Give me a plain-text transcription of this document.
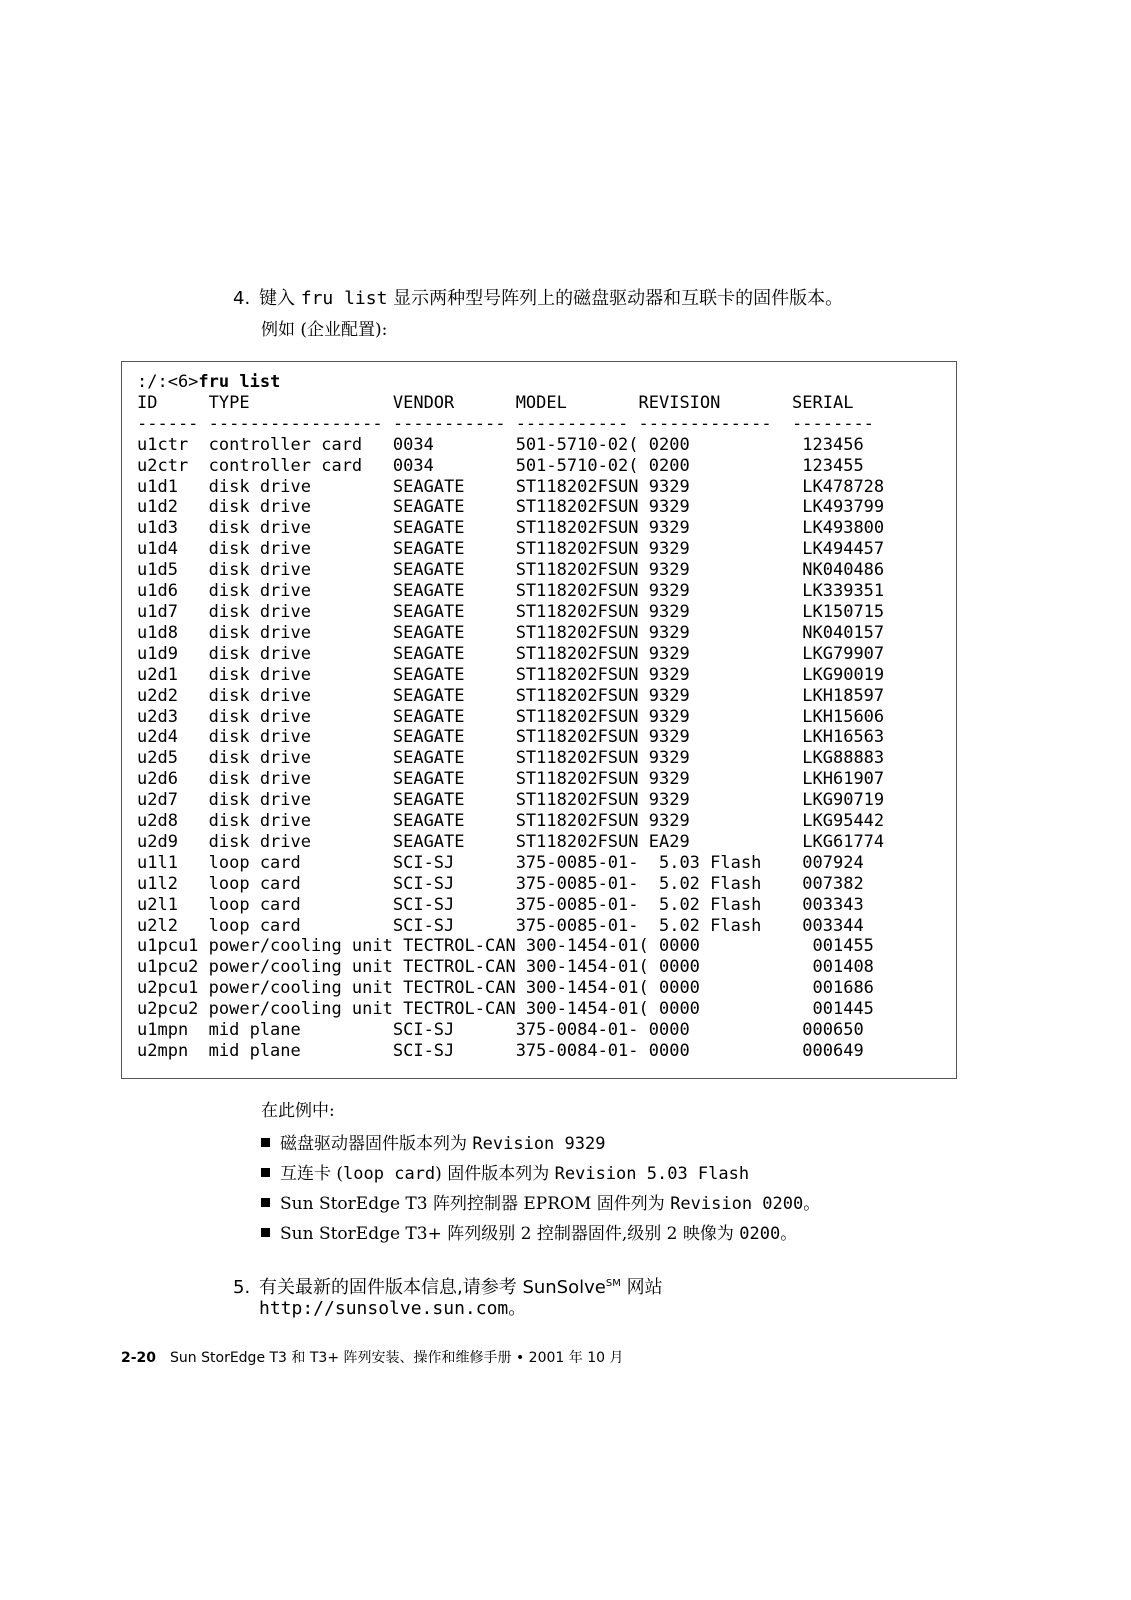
4. 键入 fru list 显示两种型号阵列上的磁盘驱动器和互联卡的固件版本。
例如 (企业配置):
:/:<6>fru list
ID     TYPE              VENDOR      MODEL       REVISION       SERIAL
------ ----------------- ----------- ----------- -------------  --------
u1ctr  controller card   0034        501-5710-02( 0200           123456
u2ctr  controller card   0034        501-5710-02( 0200           123455
u1d1   disk drive        SEAGATE     ST118202FSUN 9329           LK478728
u1d2   disk drive        SEAGATE     ST118202FSUN 9329           LK493799
u1d3   disk drive        SEAGATE     ST118202FSUN 9329           LK493800
u1d4   disk drive        SEAGATE     ST118202FSUN 9329           LK494457
u1d5   disk drive        SEAGATE     ST118202FSUN 9329           NK040486
u1d6   disk drive        SEAGATE     ST118202FSUN 9329           LK339351
u1d7   disk drive        SEAGATE     ST118202FSUN 9329           LK150715
u1d8   disk drive        SEAGATE     ST118202FSUN 9329           NK040157
u1d9   disk drive        SEAGATE     ST118202FSUN 9329           LKG79907
u2d1   disk drive        SEAGATE     ST118202FSUN 9329           LKG90019
u2d2   disk drive        SEAGATE     ST118202FSUN 9329           LKH18597
u2d3   disk drive        SEAGATE     ST118202FSUN 9329           LKH15606
u2d4   disk drive        SEAGATE     ST118202FSUN 9329           LKH16563
u2d5   disk drive        SEAGATE     ST118202FSUN 9329           LKG88883
u2d6   disk drive        SEAGATE     ST118202FSUN 9329           LKH61907
u2d7   disk drive        SEAGATE     ST118202FSUN 9329           LKG90719
u2d8   disk drive        SEAGATE     ST118202FSUN 9329           LKG95442
u2d9   disk drive        SEAGATE     ST118202FSUN EA29           LKG61774
u1l1   loop card         SCI-SJ      375-0085-01-  5.03 Flash    007924
u1l2   loop card         SCI-SJ      375-0085-01-  5.02 Flash    007382
u2l1   loop card         SCI-SJ      375-0085-01-  5.02 Flash    003343
u2l2   loop card         SCI-SJ      375-0085-01-  5.02 Flash    003344
u1pcu1 power/cooling unit TECTROL-CAN 300-1454-01( 0000           001455
u1pcu2 power/cooling unit TECTROL-CAN 300-1454-01( 0000           001408
u2pcu1 power/cooling unit TECTROL-CAN 300-1454-01( 0000           001686
u2pcu2 power/cooling unit TECTROL-CAN 300-1454-01( 0000           001445
u1mpn  mid plane         SCI-SJ      375-0084-01- 0000           000650
u2mpn  mid plane         SCI-SJ      375-0084-01- 0000           000649
在此例中:
磁盘驱动器固件版本列为 Revision 9329
互连卡 (loop card) 固件版本列为 Revision 5.03 Flash
Sun StorEdge T3 阵列控制器 EPROM 固件列为 Revision 0200。
Sun StorEdge T3+ 阵列级别 2 控制器固件,级别 2 映像为 0200。
5. 有关最新的固件版本信息,请参考 SunSolve℠ 网站
http://sunsolve.sun.com。
2-20 Sun StorEdge T3 和 T3+ 阵列安装、操作和维修手册 • 2001 年 10 月
